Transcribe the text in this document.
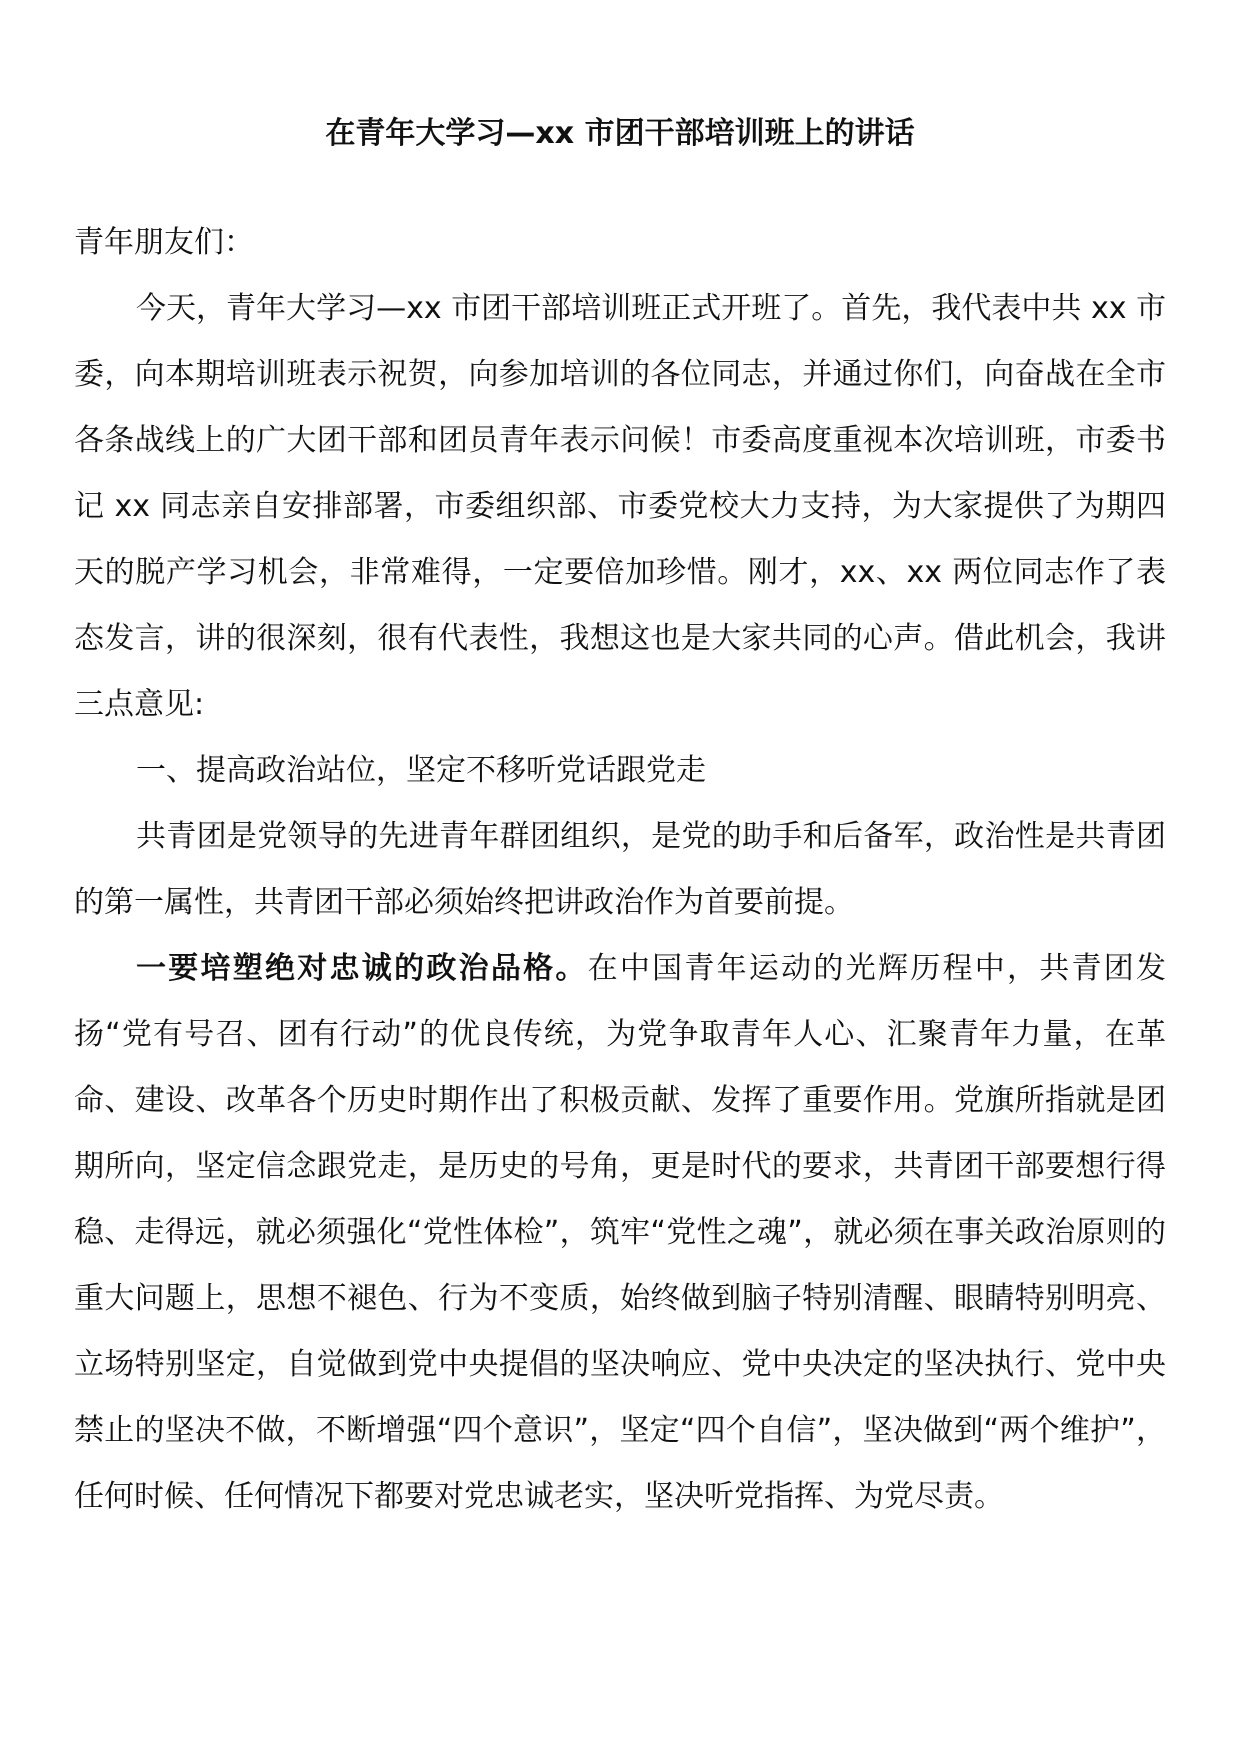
在青年大学习—xx 市团干部培训班上的讲话

青年朋友们：

今天，青年大学习—xx 市团干部培训班正式开班了。首先，我代表中共 xx 市委，向本期培训班表示祝贺，向参加培训的各位同志，并通过你们，向奋战在全市各条战线上的广大团干部和团员青年表示问候！市委高度重视本次培训班，市委书记 xx 同志亲自安排部署，市委组织部、市委党校大力支持，为大家提供了为期四天的脱产学习机会，非常难得，一定要倍加珍惜。刚才，xx、xx 两位同志作了表态发言，讲的很深刻，很有代表性，我想这也是大家共同的心声。借此机会，我讲三点意见:

一、提高政治站位，坚定不移听党话跟党走

共青团是党领导的先进青年群团组织，是党的助手和后备军，政治性是共青团的第一属性，共青团干部必须始终把讲政治作为首要前提。

一要培塑绝对忠诚的政治品格。在中国青年运动的光辉历程中，共青团发扬“党有号召、团有行动”的优良传统，为党争取青年人心、汇聚青年力量，在革命、建设、改革各个历史时期作出了积极贡献、发挥了重要作用。党旗所指就是团期所向，坚定信念跟党走，是历史的号角，更是时代的要求，共青团干部要想行得稳、走得远，就必须强化“党性体检”，筑牢“党性之魂”，就必须在事关政治原则的重大问题上，思想不褪色、行为不变质，始终做到脑子特别清醒、眼睛特别明亮、立场特别坚定，自觉做到党中央提倡的坚决响应、党中央决定的坚决执行、党中央禁止的坚决不做，不断增强“四个意识”，坚定“四个自信”，坚决做到“两个维护”，任何时候、任何情况下都要对党忠诚老实，坚决听党指挥、为党尽责。
